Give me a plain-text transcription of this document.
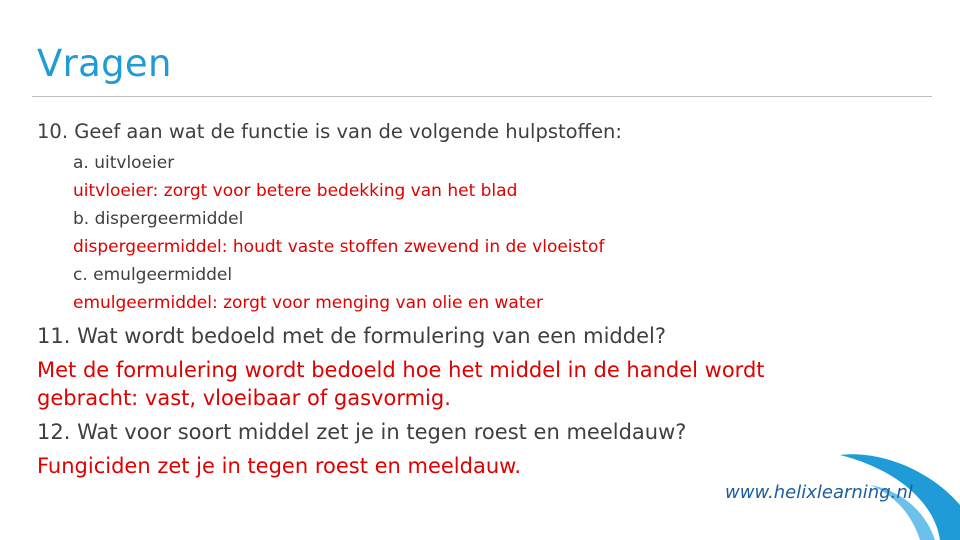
Vragen
10. Geef aan wat de functie is van de volgende hulpstoffen:
a. uitvloeier
uitvloeier: zorgt voor betere bedekking van het blad
b. dispergeermiddel
dispergeermiddel: houdt vaste stoffen zwevend in de vloeistof
c. emulgeermiddel
emulgeermiddel: zorgt voor menging van olie en water
11. Wat wordt bedoeld met de formulering van een middel?
Met de formulering wordt bedoeld hoe het middel in de handel wordt
gebracht: vast, vloeibaar of gasvormig.
12. Wat voor soort middel zet je in tegen roest en meeldauw?
Fungiciden zet je in tegen roest en meeldauw.
www.helixlearning.nl
